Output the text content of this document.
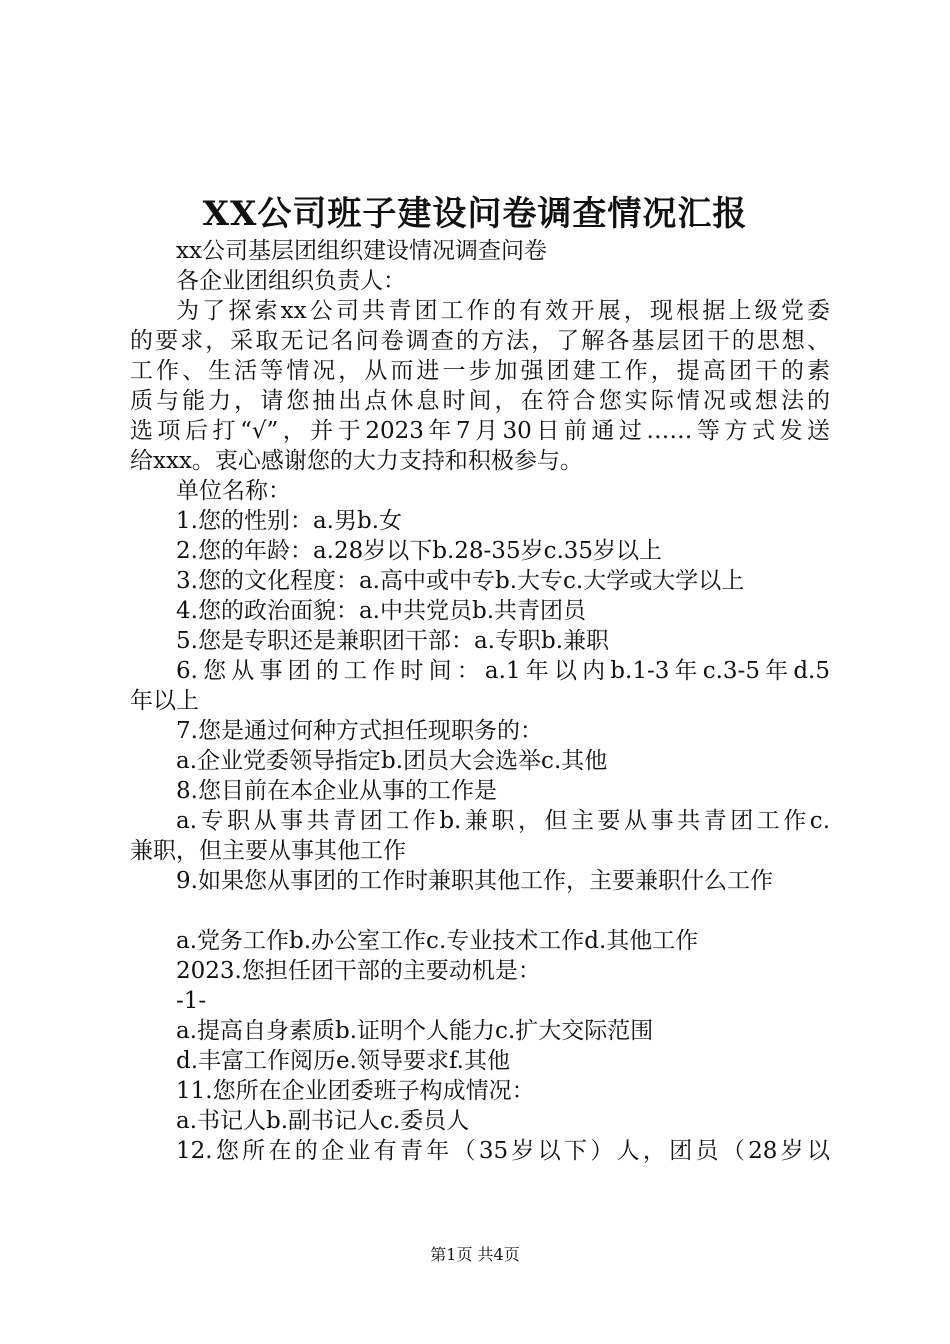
XX公司班子建设问卷调查情况汇报
xx公司基层团组织建设情况调查问卷
各企业团组织负责人：
为了探索xx公司共青团工作的有效开展，现根据上级党委
的要求，采取无记名问卷调查的方法，了解各基层团干的思想、
工作、生活等情况，从而进一步加强团建工作，提高团干的素
质与能力，请您抽出点休息时间，在符合您实际情况或想法的
选项后打“√”，并于2023年7月30日前通过……等方式发送
给xxx。衷心感谢您的大力支持和积极参与。
单位名称：
1.您的性别：a.男b.女
2.您的年龄：a.28岁以下b.28-35岁c.35岁以上
3.您的文化程度：a.高中或中专b.大专c.大学或大学以上
4.您的政治面貌：a.中共党员b.共青团员
5.您是专职还是兼职团干部：a.专职b.兼职
6.您从事团的工作时间：a.1年以内b.1-3年c.3-5年d.5
年以上
7.您是通过何种方式担任现职务的：
a.企业党委领导指定b.团员大会选举c.其他
8.您目前在本企业从事的工作是
a.专职从事共青团工作b.兼职，但主要从事共青团工作c.
兼职，但主要从事其他工作
9.如果您从事团的工作时兼职其他工作，主要兼职什么工作
a.党务工作b.办公室工作c.专业技术工作d.其他工作
2023.您担任团干部的主要动机是：
-1-
a.提高自身素质b.证明个人能力c.扩大交际范围
d.丰富工作阅历e.领导要求f.其他
11.您所在企业团委班子构成情况：
a.书记人b.副书记人c.委员人
12.您所在的企业有青年（35岁以下）人，团员（28岁以
第1页 共4页
